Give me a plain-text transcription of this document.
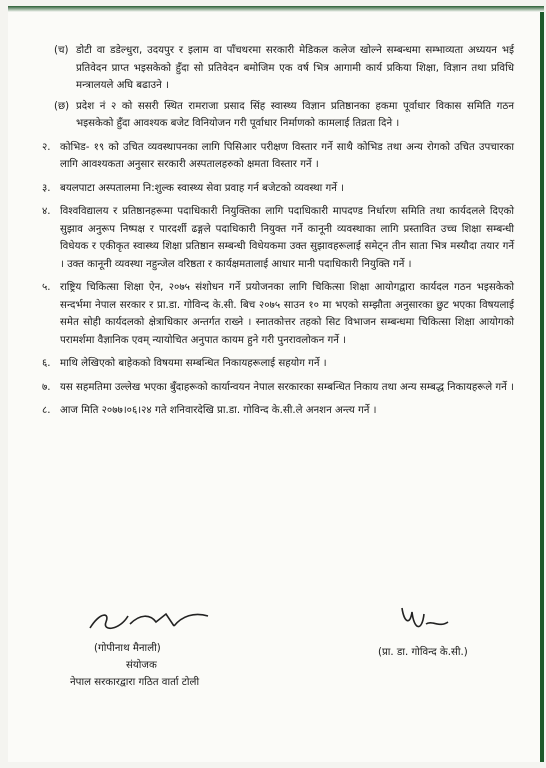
(च) डोटी वा डडेल्धुरा, उदयपुर र इलाम वा पाँचथरमा सरकारी मेडिकल कलेज खोल्ने सम्बन्धमा सम्भाव्यता अध्ययन भई प्रतिवेदन प्राप्त भइसकेको हुँदा सो प्रतिवेदन बमोजिम एक वर्ष भित्र आगामी कार्य प्रकिया शिक्षा, विज्ञान तथा प्रविधि मन्त्रालयले अघि बढाउने ।

(छ) प्रदेश नं २ को ससरी स्थित रामराजा प्रसाद सिंह स्वास्थ्य विज्ञान प्रतिष्ठानका हकमा पूर्वाधार विकास समिति गठन भइसकेको हुँदा आवश्यक बजेट विनियोजन गरी पूर्वाधार निर्माणको कामलाई तिव्रता दिने ।

२. कोभिड- १९ को उचित व्यवस्थापनका लागि पिसिआर परीक्षण विस्तार गर्ने साथै कोभिड तथा अन्य रोगको उचित उपचारका लागि आवश्यकता अनुसार सरकारी अस्पतालहरुको क्षमता विस्तार गर्ने ।

३. बयलपाटा अस्पतालमा नि:शुल्क स्वास्थ्य सेवा प्रवाह गर्न बजेटको व्यवस्था गर्ने ।

४. विश्वविद्यालय र प्रतिष्ठानहरूमा पदाधिकारी नियुक्तिका लागि पदाधिकारी मापदण्ड निर्धारण समिति तथा कार्यदलले दिएको सुझाव अनुरूप निष्पक्ष र पारदर्शी ढङ्गले पदाधिकारी नियुक्त गर्ने कानूनी व्यवस्थाका लागि प्रस्तावित उच्च शिक्षा सम्बन्धी विधेयक र एकीकृत स्वास्थ्य शिक्षा प्रतिष्ठान सम्बन्धी विधेयकमा उक्त सुझावहरूलाई समेट्न तीन साता भित्र मस्यौदा तयार गर्ने । उक्त कानूनी व्यवस्था नहुन्जेल वरिष्ठता र कार्यक्षमतालाई आधार मानी पदाधिकारी नियुक्ति गर्ने ।

५. राष्ट्रिय चिकित्सा शिक्षा ऐन, २०७५ संशोधन गर्ने प्रयोजनका लागि चिकित्सा शिक्षा आयोगद्वारा कार्यदल गठन भइसकेको सन्दर्भमा नेपाल सरकार र प्रा.डा. गोविन्द के.सी. बिच २०७५ साउन १० मा भएको सम्झौता अनुसारका छुट भएका विषयलाई समेत सोही कार्यदलको क्षेत्राधिकार अन्तर्गत राख्ने । स्नातकोत्तर तहको सिट विभाजन सम्बन्धमा चिकित्सा शिक्षा आयोगको परामर्शमा वैज्ञानिक एवम् न्यायोचित अनुपात कायम हुने गरी पुनरावलोकन गर्ने ।

६. माथि लेखिएको बाहेकको विषयमा सम्बन्धित निकायहरूलाई सहयोग गर्ने ।

७. यस सहमतिमा उल्लेख भएका बुँदाहरूको कार्यान्वयन नेपाल सरकारका सम्बन्धित निकाय तथा अन्य सम्बद्ध निकायहरूले गर्ने ।

८. आज मिति २०७७।०६।२४ गते शनिवारदेखि प्रा.डा. गोविन्द के.सी.ले अनशन अन्त्य गर्ने ।

(गोपीनाथ मैनाली)
संयोजक
नेपाल सरकारद्वारा गठित वार्ता टोली
(प्रा. डा. गोविन्द के.सी.)
